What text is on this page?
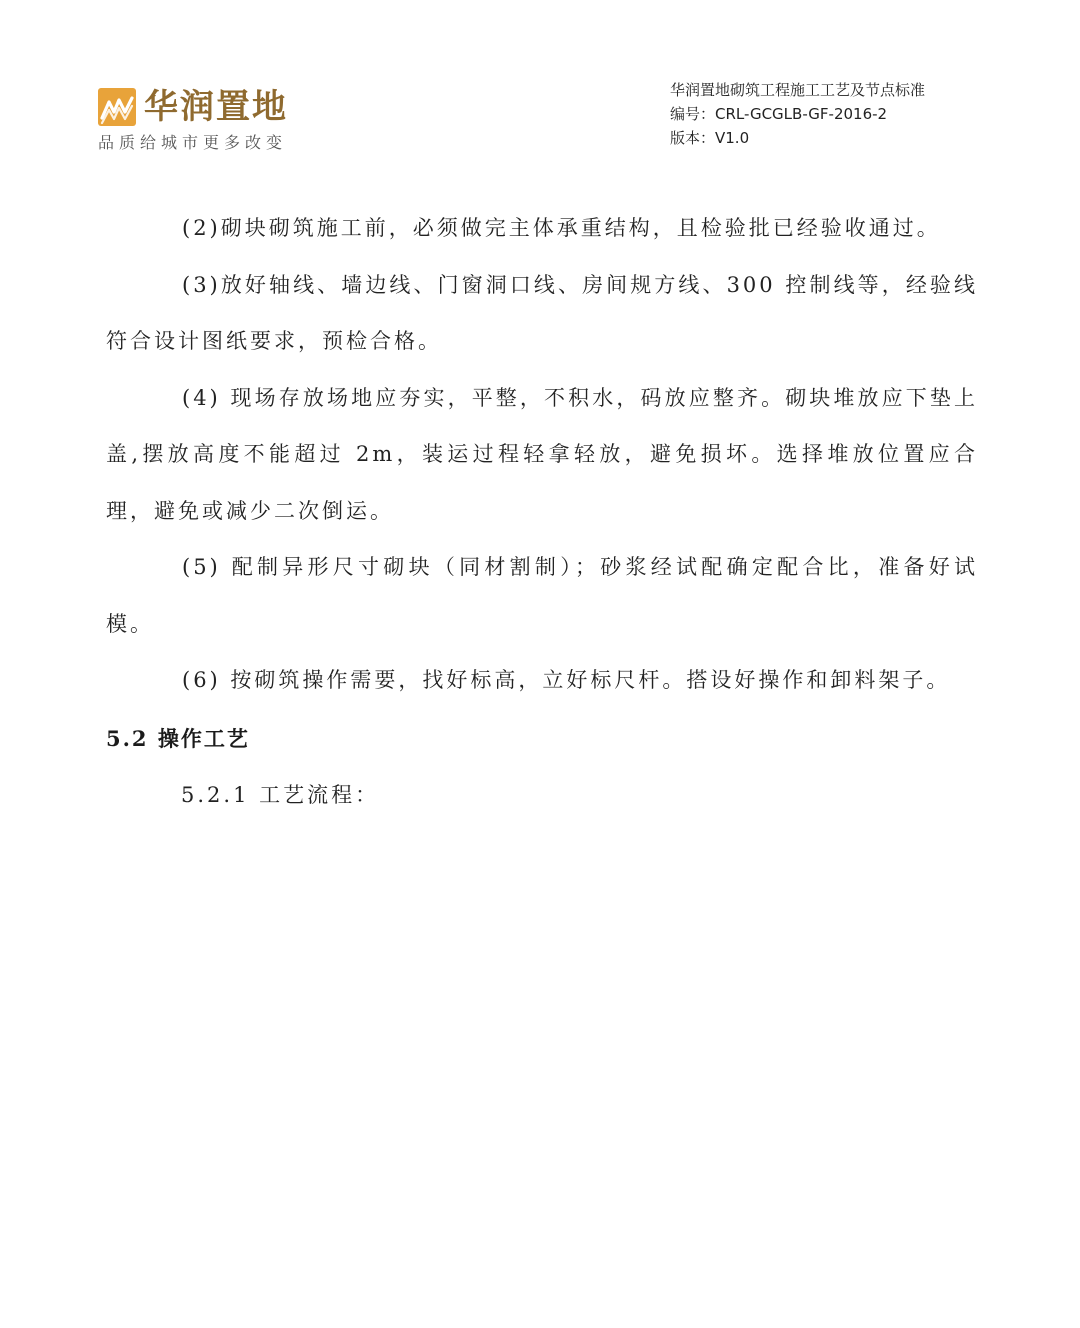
华润置地
品质给城市更多改变
华润置地砌筑工程施工工艺及节点标准
编号：CRL-GCGLB-GF-2016-2
版本：V1.0

(2)砌块砌筑施工前，必须做完主体承重结构，且检验批已经验收通过。

(3)放好轴线、墙边线、门窗洞口线、房间规方线、300 控制线等，经验线符合设计图纸要求，预检合格。

(4) 现场存放场地应夯实，平整，不积水，码放应整齐。砌块堆放应下垫上盖,摆放高度不能超过 2m，装运过程轻拿轻放，避免损坏。选择堆放位置应合理，避免或减少二次倒运。

(5) 配制异形尺寸砌块（同材割制）；砂浆经试配确定配合比，准备好试模。

(6) 按砌筑操作需要，找好标高，立好标尺杆。搭设好操作和卸料架子。

5.2 操作工艺

5.2.1 工艺流程：
